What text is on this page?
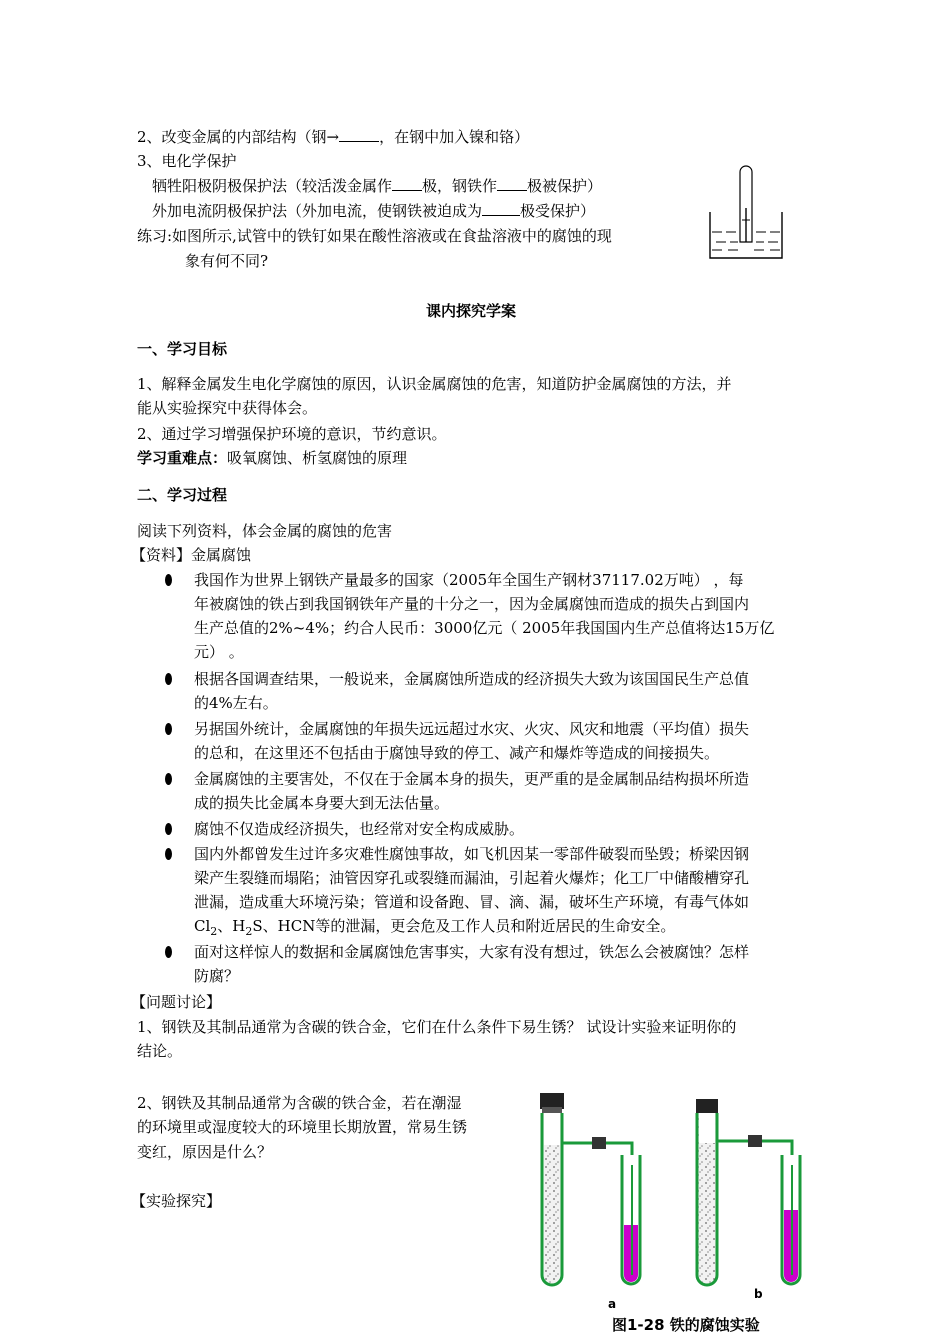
2、改变金属的内部结构（钢→	，在钢中加入镍和铬）
3、电化学保护
牺牲阳极阴极保护法（较活泼金属作 极，钢铁作 极被保护）
外加电流阴极保护法（外加电流，使钢铁被迫成为	极受保护）
练习:如图所示,试管中的铁钉如果在酸性溶液或在食盐溶液中的腐蚀的现
象有何不同?
课内探究学案
一、学习目标
1、解释金属发生电化学腐蚀的原因，认识金属腐蚀的危害，知道防护金属腐蚀的方法，并
能从实验探究中获得体会。
2、通过学习增强保护环境的意识，节约意识。
学习重难点：吸氧腐蚀、析氢腐蚀的原理
二、学习过程
阅读下列资料，体会金属的腐蚀的危害
【资料】金属腐蚀
我国作为世界上钢铁产量最多的国家（2005年全国生产钢材37117.02万吨） ，每
年被腐蚀的铁占到我国钢铁年产量的十分之一，因为金属腐蚀而造成的损失占到国内
生产总值的2%~4%；约合人民币：3000亿元（ 2005年我国国内生产总值将达15万亿
元） 。
根据各国调查结果，一般说来，金属腐蚀所造成的经济损失大致为该国国民生产总值
的4%左右。
另据国外统计，金属腐蚀的年损失远远超过水灾、火灾、风灾和地震（平均值）损失
的总和，在这里还不包括由于腐蚀导致的停工、减产和爆炸等造成的间接损失。
金属腐蚀的主要害处，不仅在于金属本身的损失，更严重的是金属制品结构损坏所造
成的损失比金属本身要大到无法估量。
腐蚀不仅造成经济损失，也经常对安全构成威胁。
国内外都曾发生过许多灾难性腐蚀事故，如飞机因某一零部件破裂而坠毁；桥梁因钢
梁产生裂缝而塌陷；油管因穿孔或裂缝而漏油，引起着火爆炸；化工厂中储酸槽穿孔
泄漏，造成重大环境污染；管道和设备跑、冒、滴、漏，破坏生产环境，有毒气体如
$Cl_2$、$H_2S$、HCN等的泄漏，更会危及工作人员和附近居民的生命安全。
面对这样惊人的数据和金属腐蚀危害事实，大家有没有想过，铁怎么会被腐蚀？怎样
防腐？
【问题讨论】
1、钢铁及其制品通常为含碳的铁合金，它们在什么条件下易生锈？ 试设计实验来证明你的
结论。
2、钢铁及其制品通常为含碳的铁合金，若在潮湿
的环境里或湿度较大的环境里长期放置，常易生锈
变红，原因是什么？
【实验探究】
a
b
图1-28 铁的腐蚀实验
